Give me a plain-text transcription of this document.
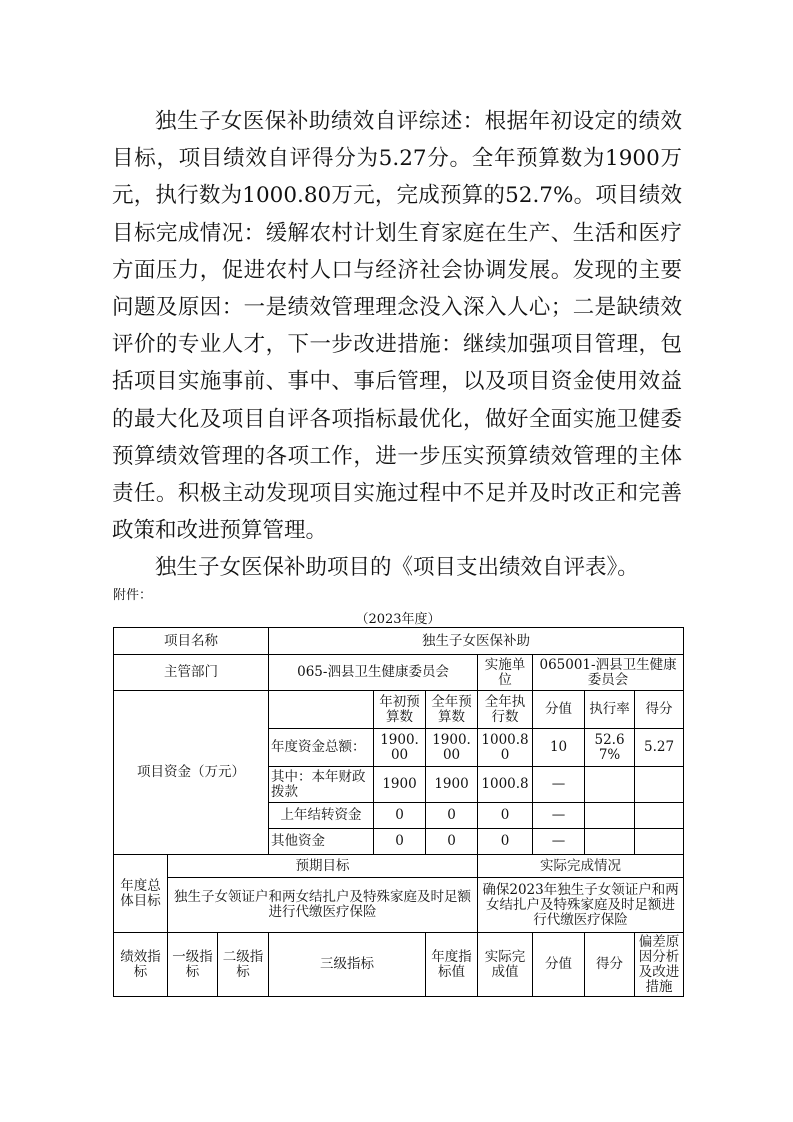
独生子女医保补助绩效自评综述：根据年初设定的绩效目标，项目绩效自评得分为5.27分。全年预算数为1900万元，执行数为1000.80万元，完成预算的52.7%。项目绩效目标完成情况：缓解农村计划生育家庭在生产、生活和医疗方面压力，促进农村人口与经济社会协调发展。发现的主要问题及原因：一是绩效管理理念没入深入人心；二是缺绩效评价的专业人才，下一步改进措施：继续加强项目管理，包括项目实施事前、事中、事后管理，以及项目资金使用效益的最大化及项目自评各项指标最优化，做好全面实施卫健委预算绩效管理的各项工作，进一步压实预算绩效管理的主体责任。积极主动发现项目实施过程中不足并及时改正和完善政策和改进预算管理。

独生子女医保补助项目的《项目支出绩效自评表》。

附件：
（2023年度）
项目名称			独生子女医保补助						
主管部门			065-泗县卫生健康委员会			实施单位	065001-泗县卫生健康委员会		
项目资金（万元）				年初预算数	全年预算数	全年执行数	分值	执行率	得分
			年度资金总额：	1900.00	1900.00	1000.80	10	52.67%	5.27
			其中：本年财政拨款	1900	1900	1000.8	—		
			上年结转资金	0	0	0	—		
			其他资金	0	0	0	—		
年度总体目标	预期目标					实际完成情况			
	独生子女领证户和两女结扎户及特殊家庭及时足额进行代缴医疗保险					确保2023年独生子女领证户和两女结扎户及特殊家庭及时足额进行代缴医疗保险			
绩效指标	一级指标	二级指标	三级指标		年度指标值	实际完成值	分值	得分	偏差原因分析及改进措施
